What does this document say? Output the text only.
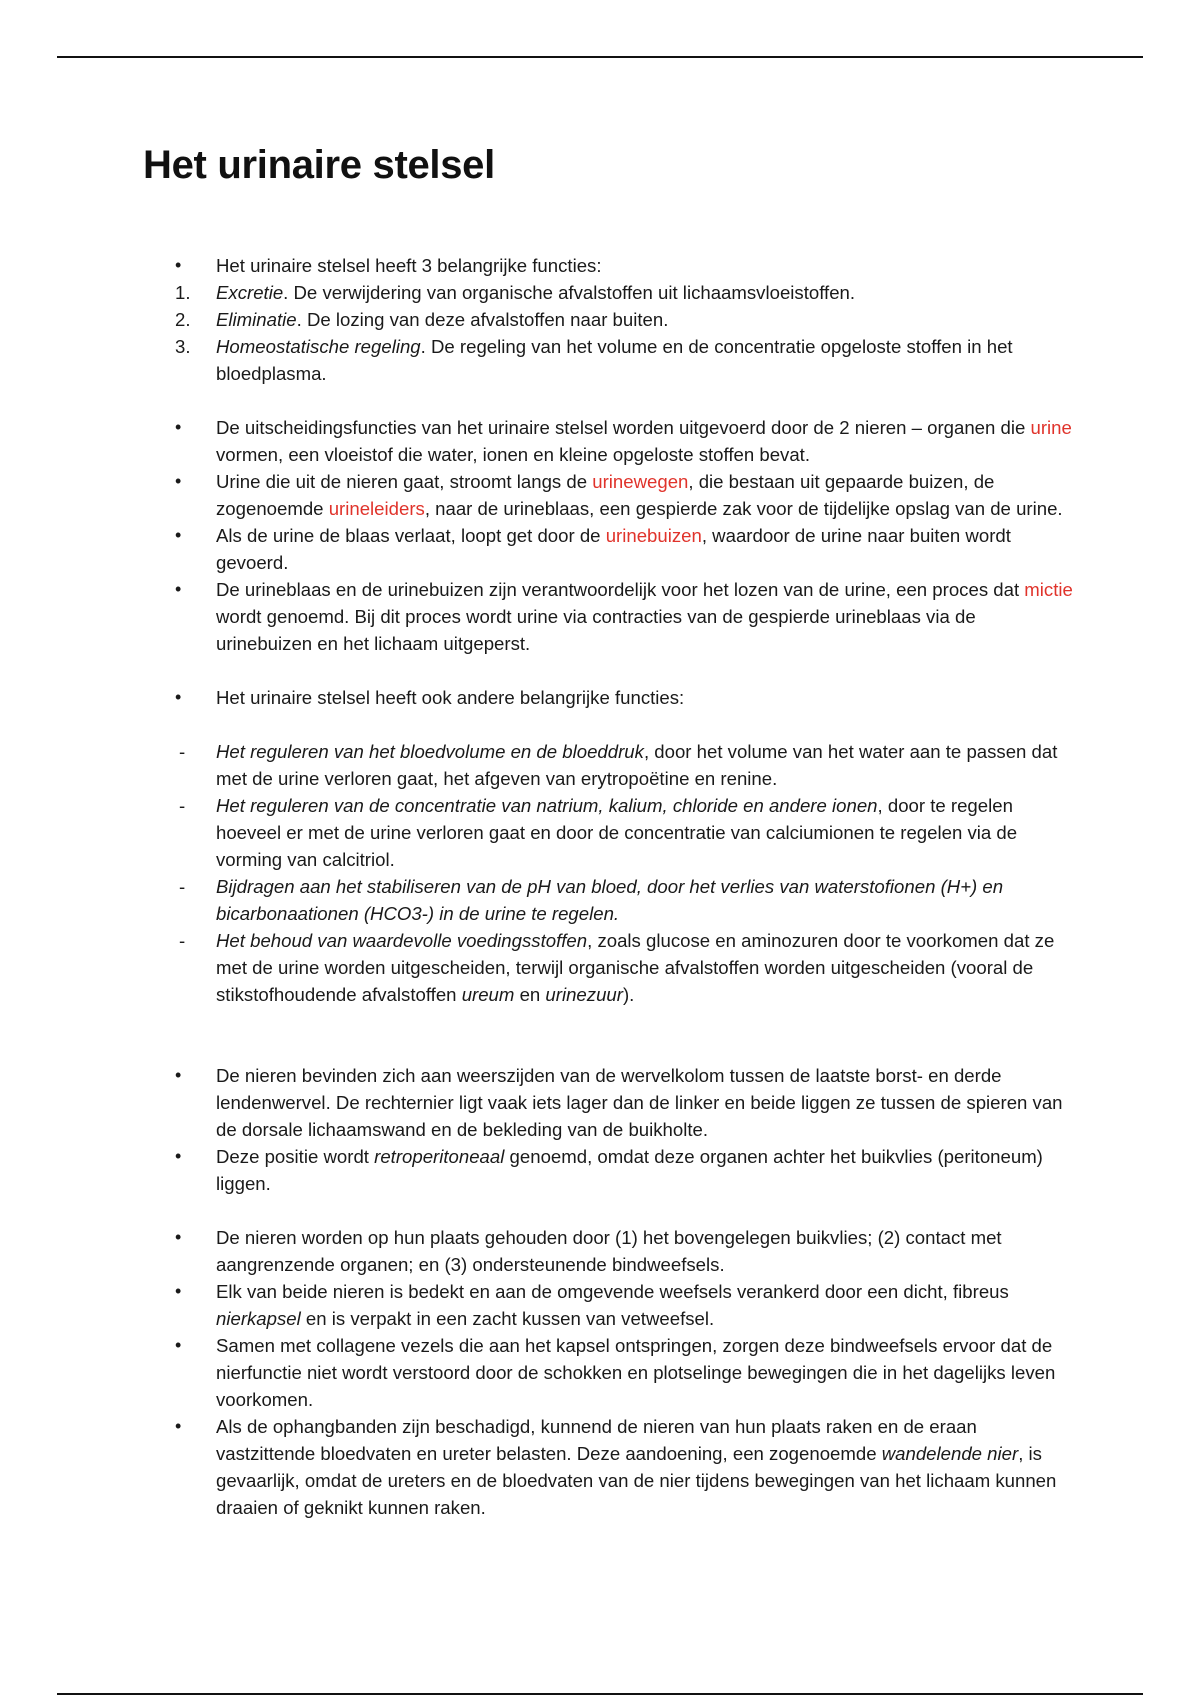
Het urinaire stelsel
•	Het urinaire stelsel heeft 3 belangrijke functies:
1.	Excretie. De verwijdering van organische afvalstoffen uit lichaamsvloeistoffen.
2.	Eliminatie. De lozing van deze afvalstoffen naar buiten.
3.	Homeostatische regeling. De regeling van het volume en de concentratie opgeloste stoffen in het bloedplasma.
•	De uitscheidingsfuncties van het urinaire stelsel worden uitgevoerd door de 2 nieren – organen die urine vormen, een vloeistof die water, ionen en kleine opgeloste stoffen bevat.
•	Urine die uit de nieren gaat, stroomt langs de urinewegen, die bestaan uit gepaarde buizen, de zogenoemde urineleiders, naar de urineblaas, een gespierde zak voor de tijdelijke opslag van de urine.
•	Als de urine de blaas verlaat, loopt get door de urinebuizen, waardoor de urine naar buiten wordt gevoerd.
•	De urineblaas en de urinebuizen zijn verantwoordelijk voor het lozen van de urine, een proces dat mictie wordt genoemd. Bij dit proces wordt urine via contracties van de gespierde urineblaas via de urinebuizen en het lichaam uitgeperst.
•	Het urinaire stelsel heeft ook andere belangrijke functies:
-	Het reguleren van het bloedvolume en de bloeddruk, door het volume van het water aan te passen dat met de urine verloren gaat, het afgeven van erytropoëtine en renine.
-	Het reguleren van de concentratie van natrium, kalium, chloride en andere ionen, door te regelen hoeveel er met de urine verloren gaat en door de concentratie van calciumionen te regelen via de vorming van calcitriol.
-	Bijdragen aan het stabiliseren van de pH van bloed, door het verlies van waterstofionen (H+) en bicarbonaationen (HCO3-) in de urine te regelen.
-	Het behoud van waardevolle voedingsstoffen, zoals glucose en aminozuren door te voorkomen dat ze met de urine worden uitgescheiden, terwijl organische afvalstoffen worden uitgescheiden (vooral de stikstofhoudende afvalstoffen ureum en urinezuur).
•	De nieren bevinden zich aan weerszijden van de wervelkolom tussen de laatste borst- en derde lendenwervel. De rechternier ligt vaak iets lager dan de linker en beide liggen ze tussen de spieren van de dorsale lichaamswand en de bekleding van de buikholte.
•	Deze positie wordt retroperitoneaal genoemd, omdat deze organen achter het buikvlies (peritoneum) liggen.
•	De nieren worden op hun plaats gehouden door (1) het bovengelegen buikvlies; (2) contact met aangrenzende organen; en (3) ondersteunende bindweefsels.
•	Elk van beide nieren is bedekt en aan de omgevende weefsels verankerd door een dicht, fibreus nierkapsel en is verpakt in een zacht kussen van vetweefsel.
•	Samen met collagene vezels die aan het kapsel ontspringen, zorgen deze bindweefsels ervoor dat de nierfunctie niet wordt verstoord door de schokken en plotselinge bewegingen die in het dagelijks leven voorkomen.
•	Als de ophangbanden zijn beschadigd, kunnend de nieren van hun plaats raken en de eraan vastzittende bloedvaten en ureter belasten. Deze aandoening, een zogenoemde wandelende nier, is gevaarlijk, omdat de ureters en de bloedvaten van de nier tijdens bewegingen van het lichaam kunnen draaien of geknikt kunnen raken.
